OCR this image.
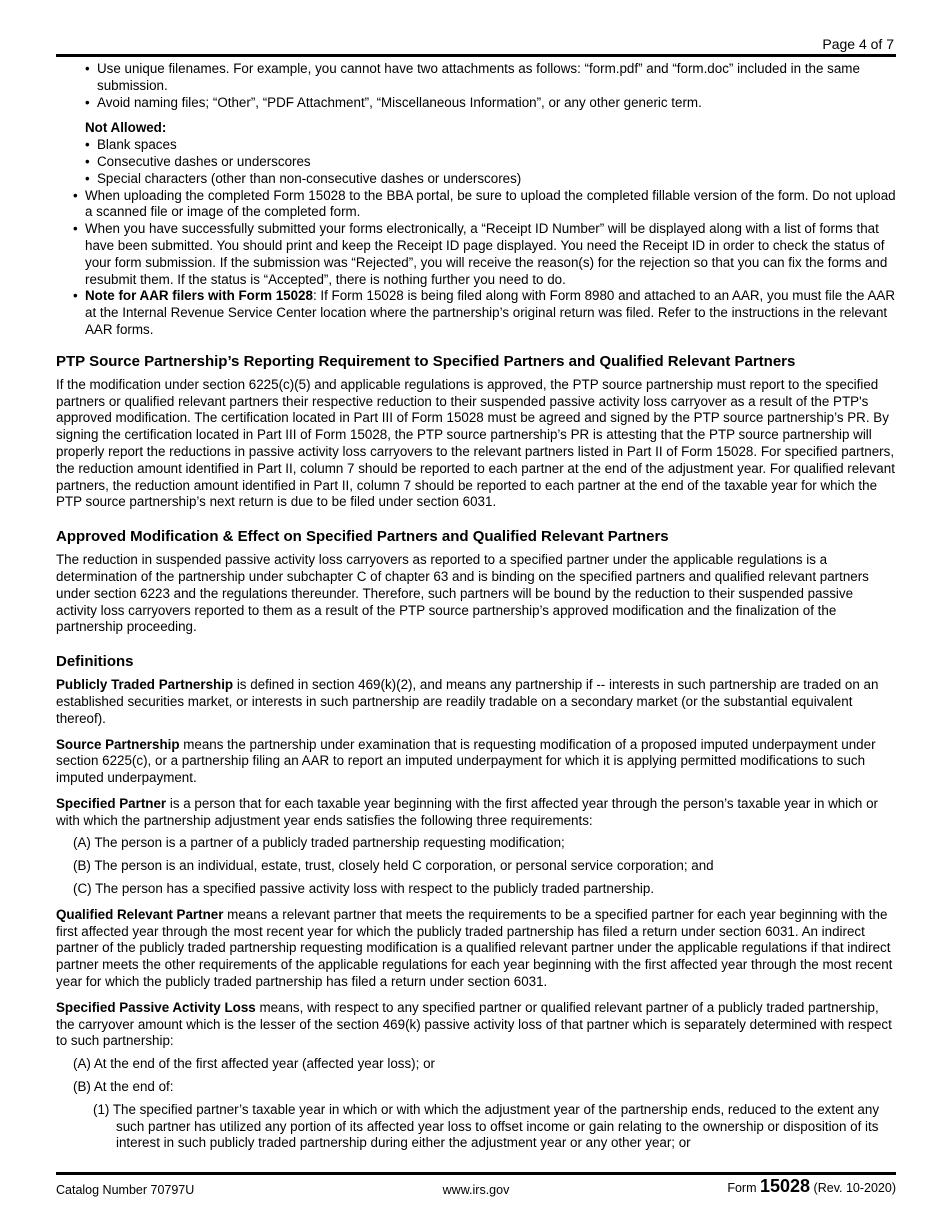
Page 4 of 7
• Use unique filenames. For example, you cannot have two attachments as follows: “form.pdf” and “form.doc” included in the same submission.
• Avoid naming files; “Other”, “PDF Attachment”, “Miscellaneous Information”, or any other generic term.
Not Allowed:
• Blank spaces
• Consecutive dashes or underscores
• Special characters (other than non-consecutive dashes or underscores)
• When uploading the completed Form 15028 to the BBA portal, be sure to upload the completed fillable version of the form. Do not upload a scanned file or image of the completed form.
• When you have successfully submitted your forms electronically, a “Receipt ID Number” will be displayed along with a list of forms that have been submitted. You should print and keep the Receipt ID page displayed. You need the Receipt ID in order to check the status of your form submission. If the submission was “Rejected”, you will receive the reason(s) for the rejection so that you can fix the forms and resubmit them. If the status is “Accepted”, there is nothing further you need to do.
• Note for AAR filers with Form 15028: If Form 15028 is being filed along with Form 8980 and attached to an AAR, you must file the AAR at the Internal Revenue Service Center location where the partnership’s original return was filed. Refer to the instructions in the relevant AAR forms.
PTP Source Partnership’s Reporting Requirement to Specified Partners and Qualified Relevant Partners

If the modification under section 6225(c)(5) and applicable regulations is approved, the PTP source partnership must report to the specified partners or qualified relevant partners their respective reduction to their suspended passive activity loss carryover as a result of the PTP's approved modification. The certification located in Part III of Form 15028 must be agreed and signed by the PTP source partnership’s PR. By signing the certification located in Part III of Form 15028, the PTP source partnership’s PR is attesting that the PTP source partnership will properly report the reductions in passive activity loss carryovers to the relevant partners listed in Part II of Form 15028. For specified partners, the reduction amount identified in Part II, column 7 should be reported to each partner at the end of the adjustment year. For qualified relevant partners, the reduction amount identified in Part II, column 7 should be reported to each partner at the end of the taxable year for which the PTP source partnership’s next return is due to be filed under section 6031.

Approved Modification & Effect on Specified Partners and Qualified Relevant Partners

The reduction in suspended passive activity loss carryovers as reported to a specified partner under the applicable regulations is a determination of the partnership under subchapter C of chapter 63 and is binding on the specified partners and qualified relevant partners under section 6223 and the regulations thereunder. Therefore, such partners will be bound by the reduction to their suspended passive activity loss carryovers reported to them as a result of the PTP source partnership’s approved modification and the finalization of the partnership proceeding.

Definitions

Publicly Traded Partnership is defined in section 469(k)(2), and means any partnership if -- interests in such partnership are traded on an established securities market, or interests in such partnership are readily tradable on a secondary market (or the substantial equivalent thereof).

Source Partnership means the partnership under examination that is requesting modification of a proposed imputed underpayment under section 6225(c), or a partnership filing an AAR to report an imputed underpayment for which it is applying permitted modifications to such imputed underpayment.

Specified Partner is a person that for each taxable year beginning with the first affected year through the person’s taxable year in which or with which the partnership adjustment year ends satisfies the following three requirements:

(A) The person is a partner of a publicly traded partnership requesting modification;
(B) The person is an individual, estate, trust, closely held C corporation, or personal service corporation; and
(C) The person has a specified passive activity loss with respect to the publicly traded partnership.

Qualified Relevant Partner means a relevant partner that meets the requirements to be a specified partner for each year beginning with the first affected year through the most recent year for which the publicly traded partnership has filed a return under section 6031. An indirect partner of the publicly traded partnership requesting modification is a qualified relevant partner under the applicable regulations if that indirect partner meets the other requirements of the applicable regulations for each year beginning with the first affected year through the most recent year for which the publicly traded partnership has filed a return under section 6031.

Specified Passive Activity Loss means, with respect to any specified partner or qualified relevant partner of a publicly traded partnership, the carryover amount which is the lesser of the section 469(k) passive activity loss of that partner which is separately determined with respect to such partnership:

(A) At the end of the first affected year (affected year loss); or
(B) At the end of:
(1) The specified partner’s taxable year in which or with which the adjustment year of the partnership ends, reduced to the extent any such partner has utilized any portion of its affected year loss to offset income or gain relating to the ownership or disposition of its interest in such publicly traded partnership during either the adjustment year or any other year; or
Catalog Number 70797U	www.irs.gov	Form 15028 (Rev. 10-2020)
